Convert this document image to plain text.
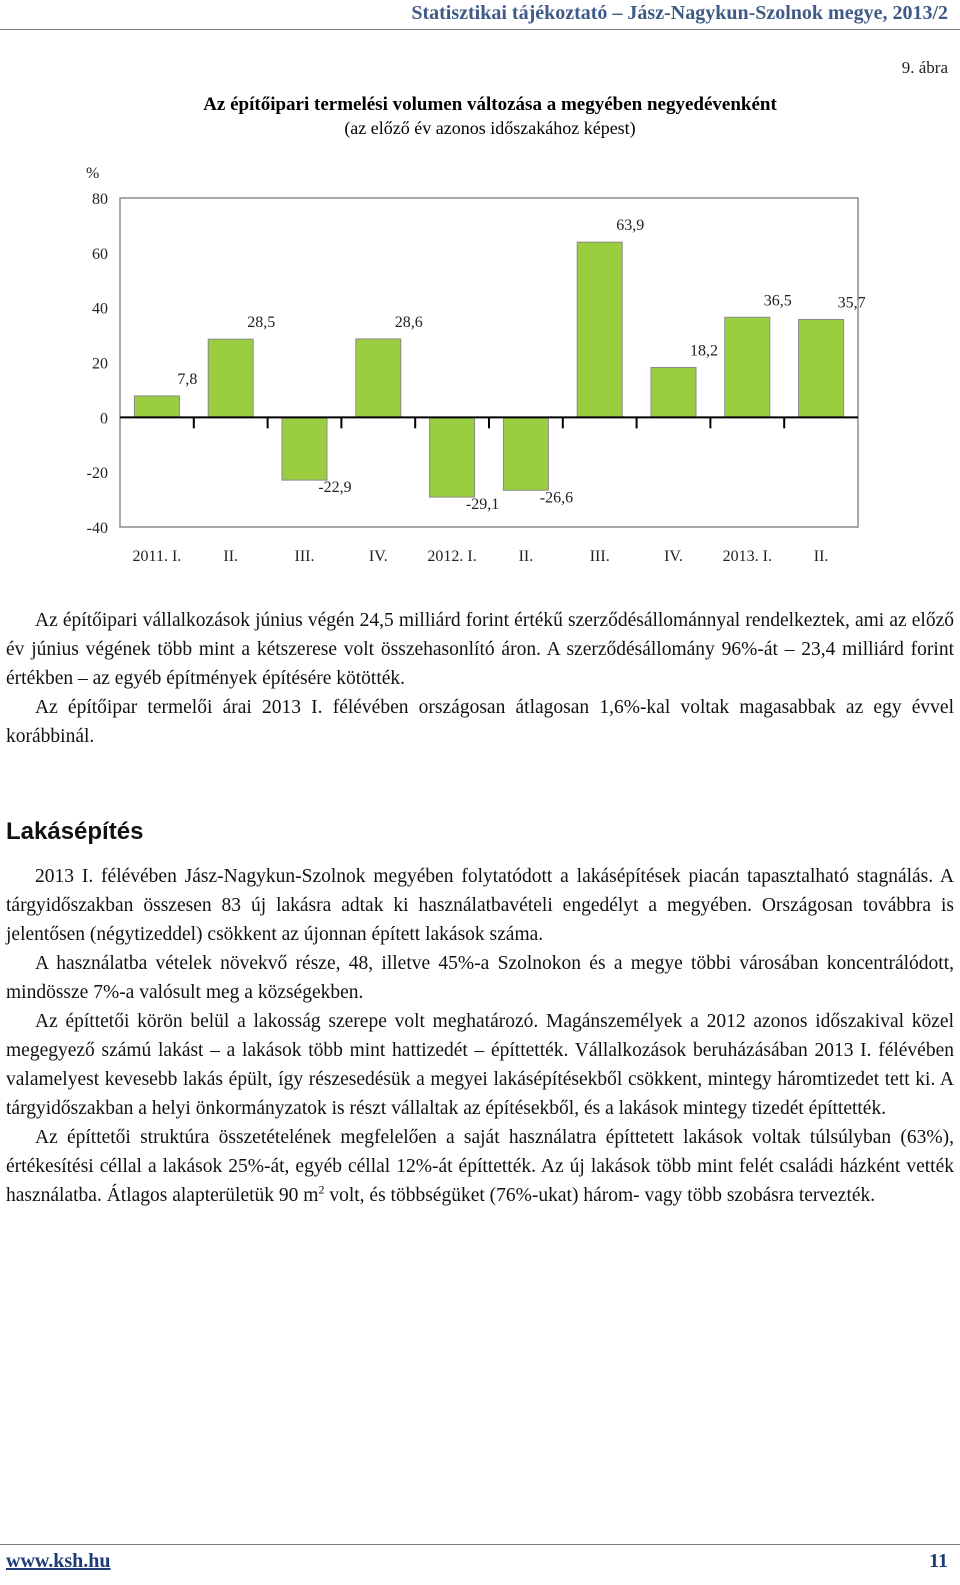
Statisztikai tájékoztató – Jász-Nagykun-Szolnok megye, 2013/2
9. ábra
Az építőipari termelési volumen változása a megyében negyedévenként
(az előző év azonos időszakához képest)
%
80
60
40
20
0
-20
-40
7,8
28,5
-22,9
28,6
-29,1	-26,6
63,9
18,2
36,5	35,7
2011. I.	II.	III.	IV. 2012. I.	II.	III.	IV. 2013. I.	II.

Az építőipari vállalkozások június végén 24,5 milliárd forint értékű szerződésállománnyal rendelkeztek, ami az előző év június végének több mint a kétszerese volt összehasonlító áron. A szerződésállomány 96%-át – 23,4 milliárd forint értékben – az egyéb építmények építésére kötötték.

Az építőipar termelői árai 2013 I. félévében országosan átlagosan 1,6%-kal voltak magasabbak az egy évvel korábbinál.

Lakásépítés

2013 I. félévében Jász-Nagykun-Szolnok megyében folytatódott a lakásépítések piacán tapasztalható stagnálás. A tárgyidőszakban összesen 83 új lakásra adtak ki használatbavételi engedélyt a megyében. Országosan továbbra is jelentősen (négytizeddel) csökkent az újonnan épített lakások száma.

A használatba vételek növekvő része, 48, illetve 45%-a Szolnokon és a megye többi városában koncentrálódott, mindössze 7%-a valósult meg a községekben.

Az építtetői körön belül a lakosság szerepe volt meghatározó. Magánszemélyek a 2012 azonos időszakival közel megegyező számú lakást – a lakások több mint hattizedét – építtették. Vállalkozások beruházásában 2013 I. félévében valamelyest kevesebb lakás épült, így részesedésük a megyei lakásépítésekből csökkent, mintegy háromtizedet tett ki. A tárgyidőszakban a helyi önkormányzatok is részt vállaltak az építésekből, és a lakások mintegy tizedét építtették.

Az építtetői struktúra összetételének megfelelően a saját használatra építtetett lakások voltak túlsúlyban (63%), értékesítési céllal a lakások 25%-át, egyéb céllal 12%-át építtették. Az új lakások több mint felét családi házként vették használatba. Átlagos alapterületük 90 $m^2$ volt, és többségüket (76%-ukat) három- vagy több szobásra tervezték.

www.ksh.hu	11
